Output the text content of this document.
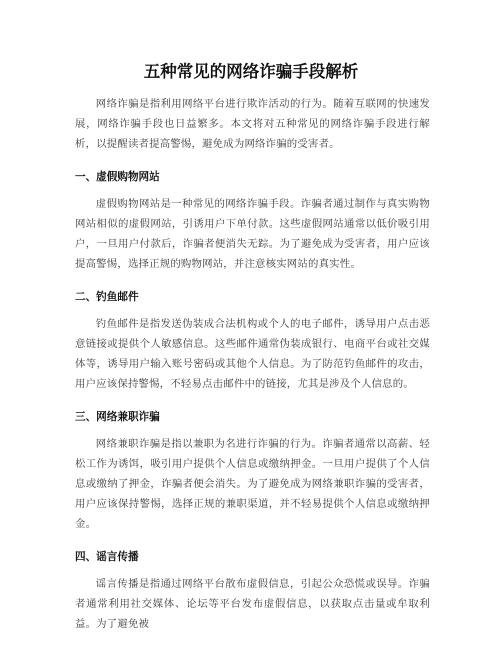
五种常见的网络诈骗手段解析

网络诈骗是指利用网络平台进行欺诈活动的行为。随着互联网的快速发展，网络诈骗手段也日益繁多。本文将对五种常见的网络诈骗手段进行解析，以提醒读者提高警惕，避免成为网络诈骗的受害者。

一、虚假购物网站

虚假购物网站是一种常见的网络诈骗手段。诈骗者通过制作与真实购物网站相似的虚假网站，引诱用户下单付款。这些虚假网站通常以低价吸引用户，一旦用户付款后，诈骗者便消失无踪。为了避免成为受害者，用户应该提高警惕，选择正规的购物网站，并注意核实网站的真实性。

二、钓鱼邮件

钓鱼邮件是指发送伪装成合法机构或个人的电子邮件，诱导用户点击恶意链接或提供个人敏感信息。这些邮件通常伪装成银行、电商平台或社交媒体等，诱导用户输入账号密码或其他个人信息。为了防范钓鱼邮件的攻击，用户应该保持警惕，不轻易点击邮件中的链接，尤其是涉及个人信息的。

三、网络兼职诈骗

网络兼职诈骗是指以兼职为名进行诈骗的行为。诈骗者通常以高薪、轻松工作为诱饵，吸引用户提供个人信息或缴纳押金。一旦用户提供了个人信息或缴纳了押金，诈骗者便会消失。为了避免成为网络兼职诈骗的受害者，用户应该保持警惕，选择正规的兼职渠道，并不轻易提供个人信息或缴纳押金。

四、谣言传播

谣言传播是指通过网络平台散布虚假信息，引起公众恐慌或误导。诈骗者通常利用社交媒体、论坛等平台发布虚假信息，以获取点击量或牟取利益。为了避免被
